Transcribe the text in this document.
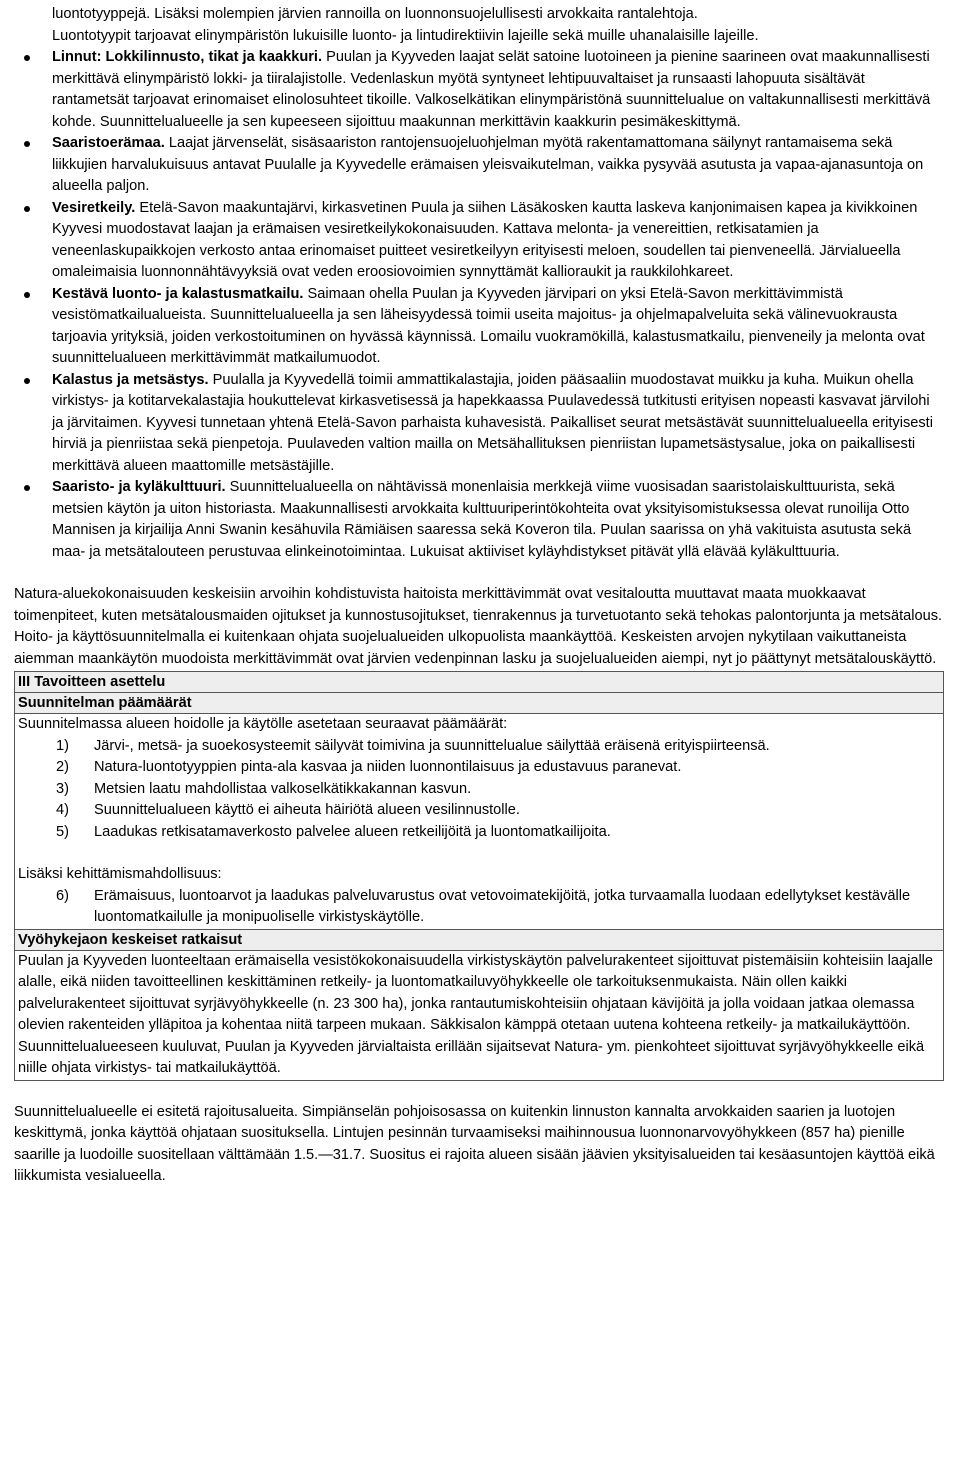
luontotyyppejä. Lisäksi molempien järvien rannoilla on luonnonsuojelullisesti arvokkaita rantalehtoja.
Luontotyypit tarjoavat elinympäristön lukuisille luonto- ja lintudirektiivin lajeille sekä muille uhanalaisille lajeille.
Linnut: Lokkilinnusto, tikat ja kaakkuri. Puulan ja Kyyveden laajat selät satoine luotoineen ja pienine saarineen ovat maakunnallisesti merkittävä elinympäristö lokki- ja tiiralajistolle. Vedenlaskun myötä syntyneet lehtipuuvaltaiset ja runsaasti lahopuuta sisältävät rantametsät tarjoavat erinomaiset elinolosuhteet tikoille. Valkoselkätikan elinympäristönä suunnittelualue on valtakunnallisesti merkittävä kohde. Suunnittelualueelle ja sen kupeeseen sijoittuu maakunnan merkittävin kaakkurin pesimäkeskittymä.
Saaristoerämaa. Laajat järvenselät, sisäsaariston rantojensuojeluohjelman myötä rakentamattomana säilynyt rantamaisema sekä liikkujien harvalukuisuus antavat Puulalle ja Kyyvedelle erämaisen yleisvaikutelman, vaikka pysyvää asutusta ja vapaa-ajanasuntoja on alueella paljon.
Vesiretkeily. Etelä-Savon maakuntajärvi, kirkasvetinen Puula ja siihen Läsäkosken kautta laskeva kanjonimaisen kapea ja kivikkoinen Kyyvesi muodostavat laajan ja erämaisen vesiretkeilykokonaisuuden. Kattava melonta- ja venereittien, retkisatamien ja veneenlaskupaikkojen verkosto antaa erinomaiset puitteet vesiretkeilyyn erityisesti meloen, soudellen tai pienveneellä. Järvialueella omaleimaisia luonnonnähtävyyksiä ovat veden eroosiovoimien synnyttämät kallioraukit ja raukkilohkareet.
Kestävä luonto- ja kalastusmatkailu. Saimaan ohella Puulan ja Kyyveden järvipari on yksi Etelä-Savon merkittävimmistä vesistömatkailualueista. Suunnittelualueella ja sen läheisyydessä toimii useita majoitus- ja ohjelmapalveluita sekä välinevuokrausta tarjoavia yrityksiä, joiden verkostoituminen on hyvässä käynnissä. Lomailu vuokramökillä, kalastusmatkailu, pienveneily ja melonta ovat suunnittelualueen merkittävimmät matkailumuodot.
Kalastus ja metsästys. Puulalla ja Kyyvedellä toimii ammattikalastajia, joiden pääsaaliin muodostavat muikku ja kuha. Muikun ohella virkistys- ja kotitarvekalastajia houkuttelevat kirkasvetisessä ja hapekkaassa Puulavedessä tutkitusti erityisen nopeasti kasvavat järvilohi ja järvitaimen. Kyyvesi tunnetaan yhtenä Etelä-Savon parhaista kuhavesistä. Paikalliset seurat metsästävät suunnittelualueella erityisesti hirviä ja pienriistaa sekä pienpetoja. Puulaveden valtion mailla on Metsähallituksen pienriistan lupametsästysalue, joka on paikallisesti merkittävä alueen maattomille metsästäjille.
Saaristo- ja kyläkulttuuri. Suunnittelualueella on nähtävissä monenlaisia merkkejä viime vuosisadan saaristolaiskulttuurista, sekä metsien käytön ja uiton historiasta. Maakunnallisesti arvokkaita kulttuuriperintökohteita ovat yksityisomistuksessa olevat runoilija Otto Mannisen ja kirjailija Anni Swanin kesähuvila Rämiäisen saaressa sekä Koveron tila. Puulan saarissa on yhä vakituista asutusta sekä maa- ja metsätalouteen perustuvaa elinkeinotoimintaa. Lukuisat aktiiviset kyläyhdistykset pitävät yllä elävää kyläkulttuuria.

Natura-aluekokonaisuuden keskeisiin arvoihin kohdistuvista haitoista merkittävimmät ovat vesitaloutta muuttavat maata muokkaavat toimenpiteet, kuten metsätalousmaiden ojitukset ja kunnostusojitukset, tienrakennus ja turvetuotanto sekä tehokas palontorjunta ja metsätalous. Hoito- ja käyttösuunnitelmalla ei kuitenkaan ohjata suojelualueiden ulkopuolista maankäyttöä. Keskeisten arvojen nykytilaan vaikuttaneista aiemman maankäytön muodoista merkittävimmät ovat järvien vedenpinnan lasku ja suojelualueiden aiempi, nyt jo päättynyt metsätalouskäyttö.

III Tavoitteen asettelu
Suunnitelman päämäärät

Suunnitelmassa alueen hoidolle ja käytölle asetetaan seuraavat päämäärät:

1) Järvi-, metsä- ja suoekosysteemit säilyvät toimivina ja suunnittelualue säilyttää eräisenä erityispiirteensä.
2) Natura-luontotyyppien pinta-ala kasvaa ja niiden luonnontilaisuus ja edustavuus paranevat.
3) Metsien laatu mahdollistaa valkoselkätikkakannan kasvun.
4) Suunnittelualueen käyttö ei aiheuta häiriötä alueen vesilinnustolle.
5) Laadukas retkisatamaverkosto palvelee alueen retkeilijöitä ja luontomatkailijoita.

Lisäksi kehittämismahdollisuus:

6) Erämaisuus, luontoarvot ja laadukas palveluvarustus ovat vetovoimatekijöitä, jotka turvaamalla luodaan edellytykset kestävälle luontomatkailulle ja monipuoliselle virkistyskäytölle.
Vyöhykejaon keskeiset ratkaisut

Puulan ja Kyyveden luonteeltaan erämaisella vesistökokonaisuudella virkistyskäytön palvelurakenteet sijoittuvat pistemäisiin kohteisiin laajalle alalle, eikä niiden tavoitteellinen keskittäminen retkeily- ja luontomatkailuvyöhykkeelle ole tarkoituksenmukaista. Näin ollen kaikki palvelurakenteet sijoittuvat syrjävyöhykkeelle (n. 23 300 ha), jonka rantautumiskohteisiin ohjataan kävijöitä ja jolla voidaan jatkaa olemassa olevien rakenteiden ylläpitoa ja kohentaa niitä tarpeen mukaan. Säkkisalon kämppä otetaan uutena kohteena retkeily- ja matkailukäyttöön. Suunnittelualueeseen kuuluvat, Puulan ja Kyyveden järvialtaista erillään sijaitsevat Natura- ym. pienkohteet sijoittuvat syrjävyöhykkeelle eikä niille ohjata virkistys- tai matkailukäyttöä.

Suunnittelualueelle ei esitetä rajoitusalueita. Simpiänselän pohjoisosassa on kuitenkin linnuston kannalta arvokkaiden saarien ja luotojen keskittymä, jonka käyttöä ohjataan suosituksella. Lintujen pesinnän turvaamiseksi maihinnousua luonnonarvovyöhykkeen (857 ha) pienille saarille ja luodoille suositellaan välttämään 1.5.—31.7. Suositus ei rajoita alueen sisään jäävien yksityisalueiden tai kesäasuntojen käyttöä eikä liikkumista vesialueella.
